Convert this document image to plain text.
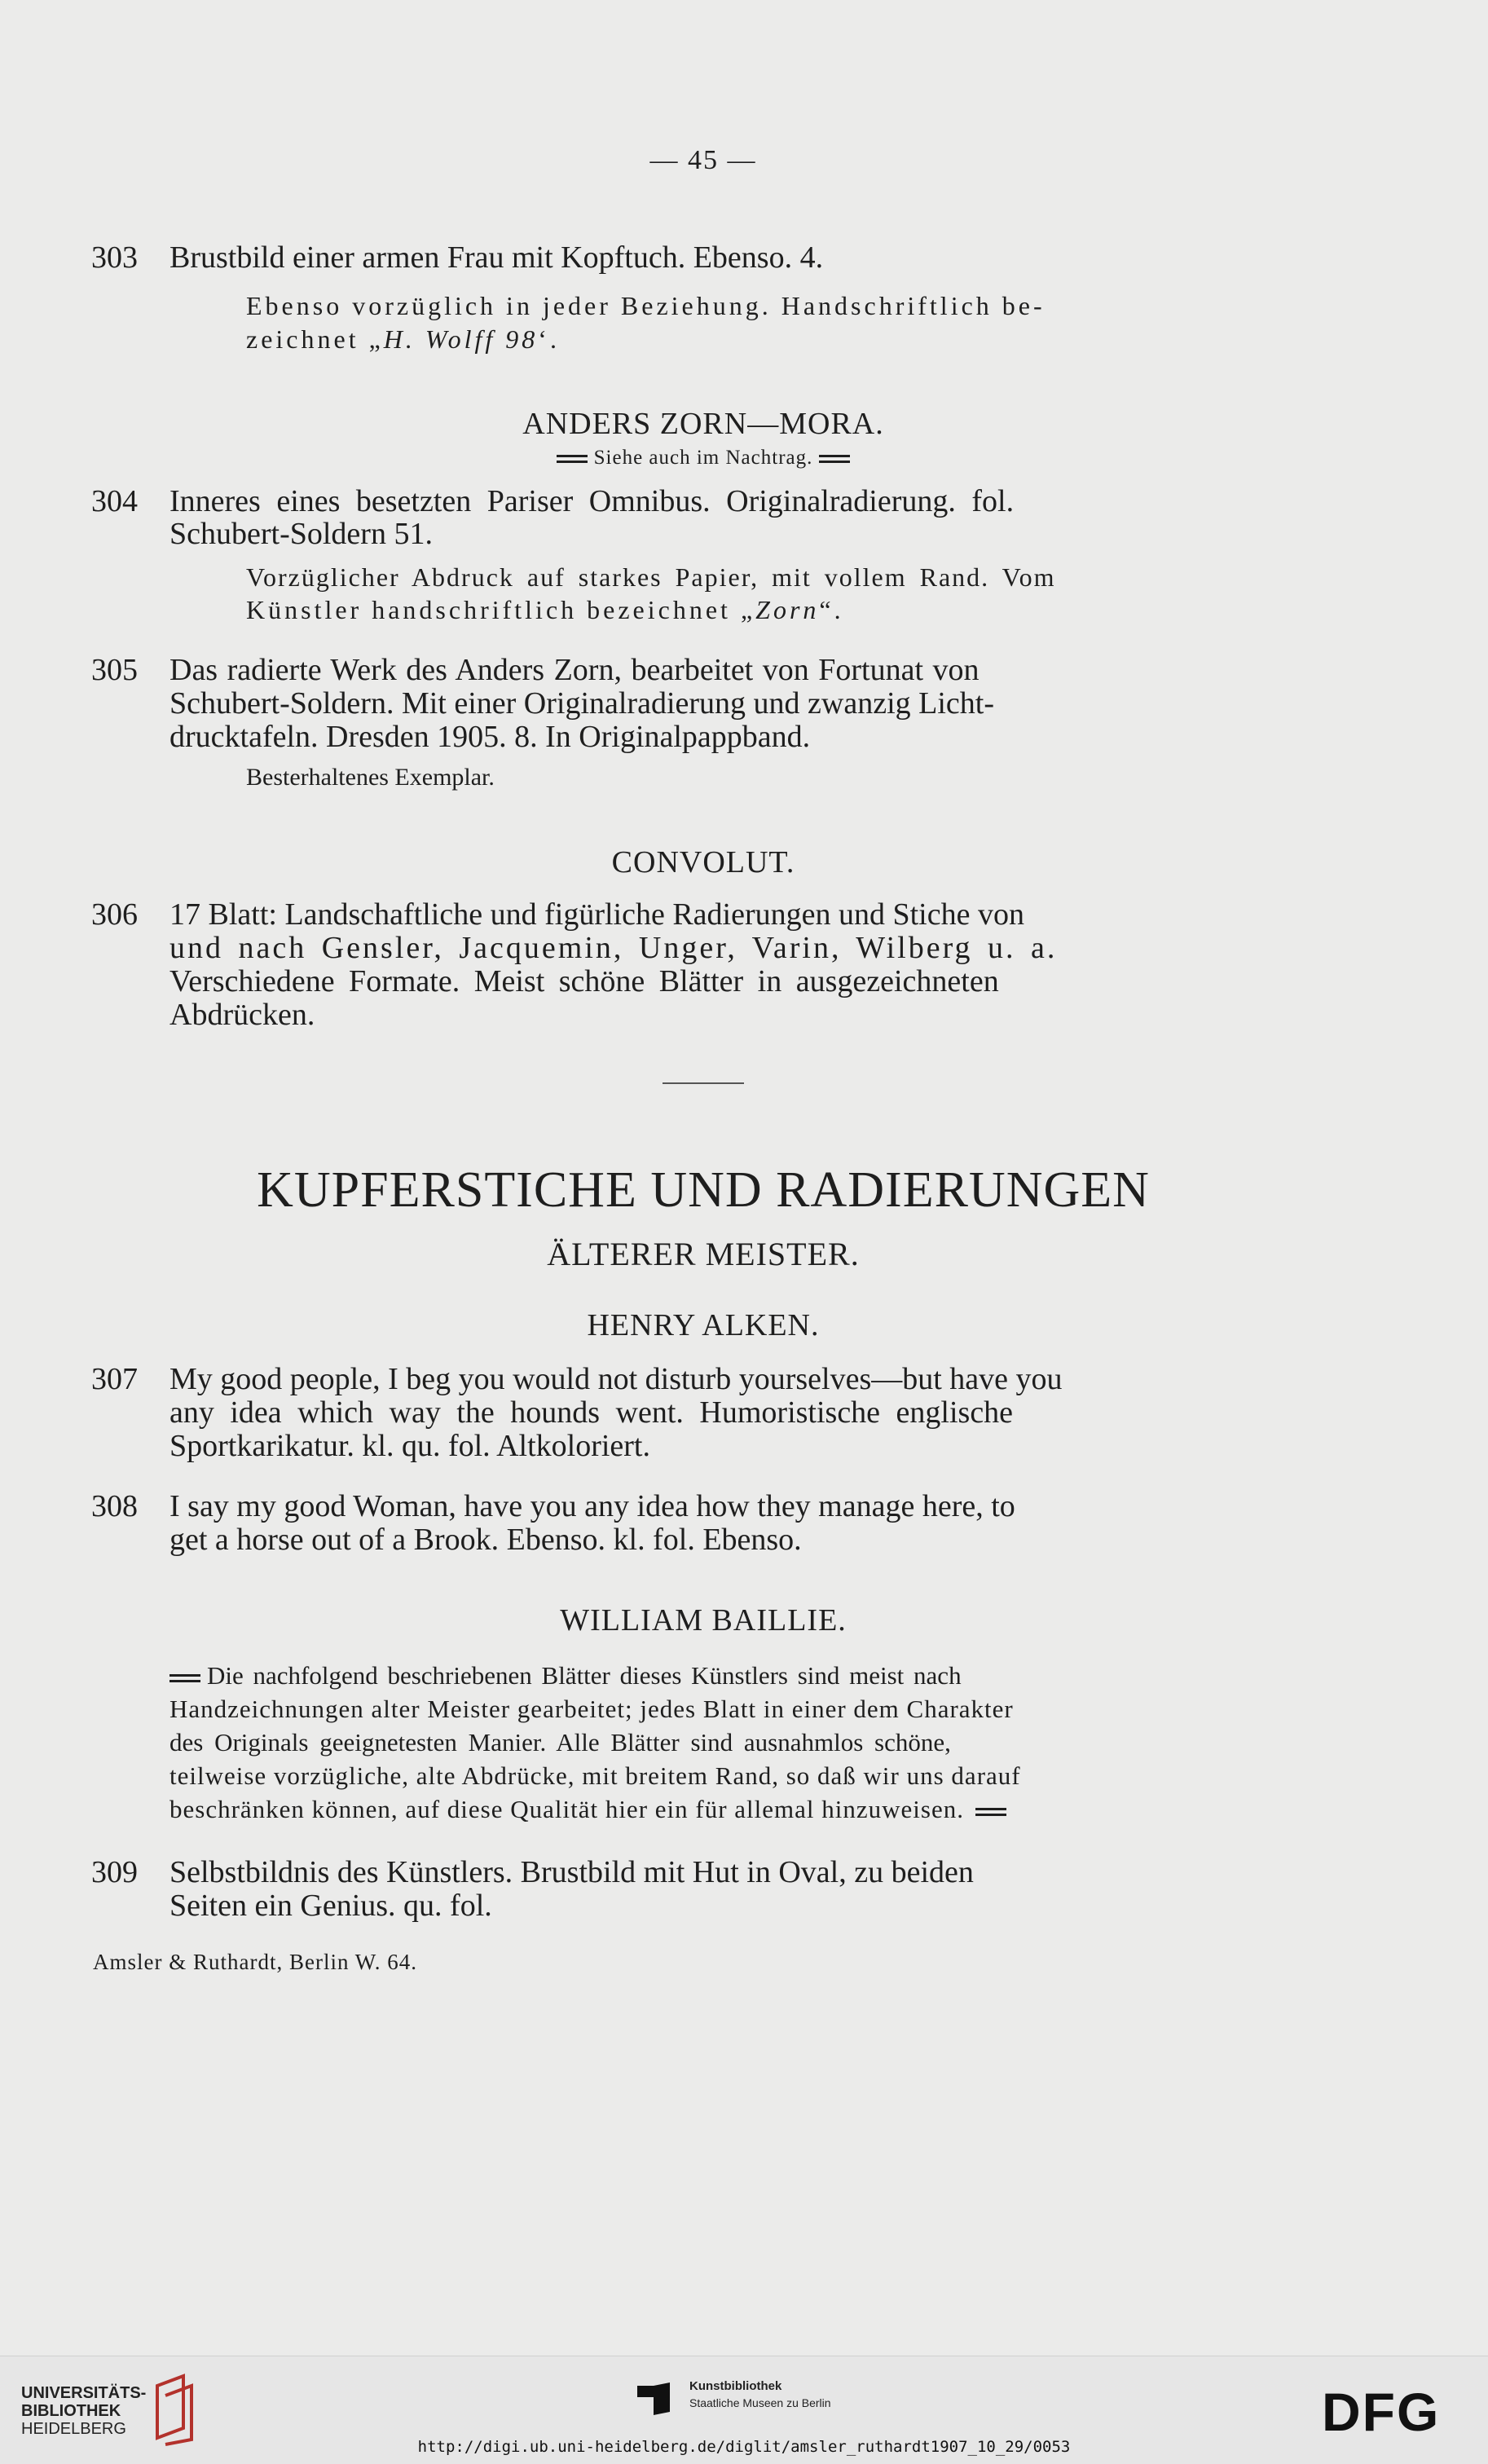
— 45 —
303 Brustbild einer armen Frau mit Kopftuch. Ebenso. 4.
Ebenso vorzüglich in jeder Beziehung. Handschriftlich be-
zeichnet „H. Wolff 98‘.
ANDERS ZORN—MORA.
Siehe auch im Nachtrag.
304 Inneres eines besetzten Pariser Omnibus. Originalradierung. fol.
Schubert-Soldern 51.
Vorzüglicher Abdruck auf starkes Papier, mit vollem Rand. Vom
Künstler handschriftlich bezeichnet „Zorn“.
305 Das radierte Werk des Anders Zorn, bearbeitet von Fortunat von
Schubert-Soldern. Mit einer Originalradierung und zwanzig Licht-
drucktafeln. Dresden 1905. 8. In Originalpappband.
Besterhaltenes Exemplar.
CONVOLUT.
306 17 Blatt: Landschaftliche und figürliche Radierungen und Stiche von
und nach Gensler, Jacquemin, Unger, Varin, Wilberg u. a.
Verschiedene Formate. Meist schöne Blätter in ausgezeichneten
Abdrücken.
KUPFERSTICHE UND RADIERUNGEN
ÄLTERER MEISTER.
HENRY ALKEN.
307 My good people, I beg you would not disturb yourselves—but have you
any idea which way the hounds went. Humoristische englische
Sportkarikatur. kl. qu. fol. Altkoloriert.
308 I say my good Woman, have you any idea how they manage here, to
get a horse out of a Brook. Ebenso. kl. fol. Ebenso.
WILLIAM BAILLIE.
Die nachfolgend beschriebenen Blätter dieses Künstlers sind meist nach
Handzeichnungen alter Meister gearbeitet; jedes Blatt in einer dem Charakter
des Originals geeignetesten Manier. Alle Blätter sind ausnahmlos schöne,
teilweise vorzügliche, alte Abdrücke, mit breitem Rand, so daß wir uns darauf
beschränken können, auf diese Qualität hier ein für allemal hinzuweisen.
309 Selbstbildnis des Künstlers. Brustbild mit Hut in Oval, zu beiden
Seiten ein Genius. qu. fol.
Amsler & Ruthardt, Berlin W. 64.
UNIVERSITÄTS-
BIBLIOTHEK
HEIDELBERG
Kunstbibliothek
Staatliche Museen zu Berlin	DFG
http://digi.ub.uni-heidelberg.de/diglit/amsler_ruthardt1907_10_29/0053
